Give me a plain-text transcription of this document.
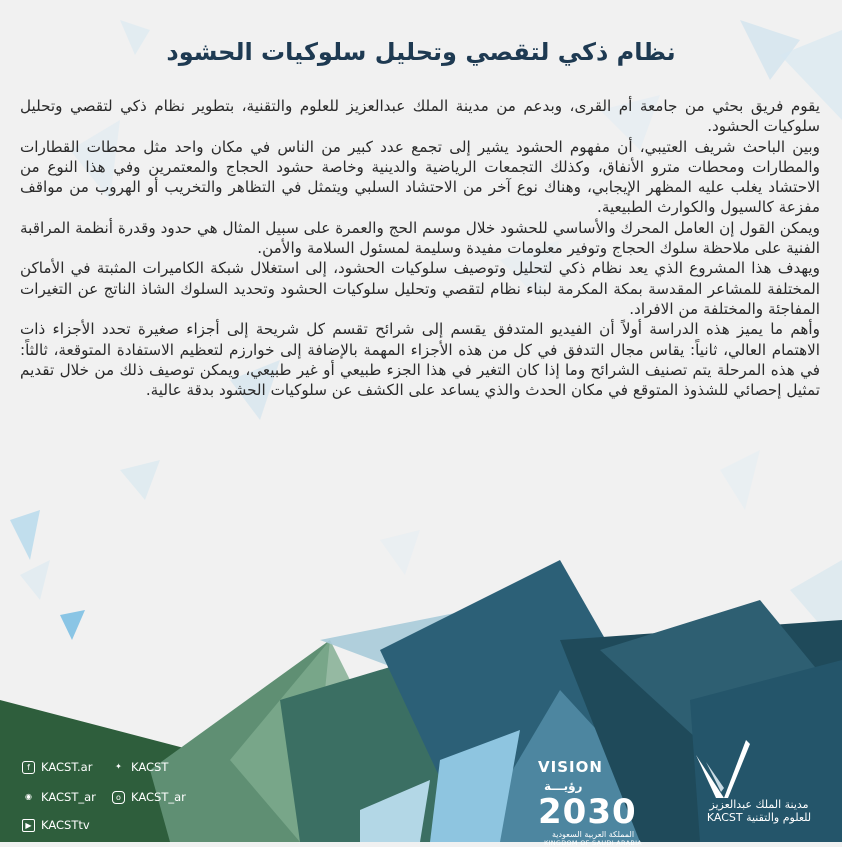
نظام ذكي لتقصي وتحليل سلوكيات الحشود

يقوم فريق بحثي من جامعة أم القرى، وبدعم من مدينة الملك عبدالعزيز للعلوم والتقنية، بتطوير نظام ذكي لتقصي وتحليل سلوكيات الحشود.

وبين الباحث شريف العتيبي، أن مفهوم الحشود يشير إلى تجمع عدد كبير من الناس في مكان واحد مثل محطات القطارات والمطارات ومحطات مترو الأنفاق، وكذلك التجمعات الرياضية والدينية وخاصة حشود الحجاج والمعتمرين وفي هذا النوع من الاحتشاد يغلب عليه المظهر الإيجابي، وهناك نوع آخر من الاحتشاد السلبي ويتمثل في التظاهر والتخريب أو الهروب من مواقف مفزعة كالسيول والكوارث الطبيعية.

ويمكن القول إن العامل المحرك والأساسي للحشود خلال موسم الحج والعمرة على سبيل المثال هي حدود وقدرة أنظمة المراقبة الفنية على ملاحظة سلوك الحجاج وتوفير معلومات مفيدة وسليمة لمسئول السلامة والأمن.

ويهدف هذا المشروع الذي يعد نظام ذكي لتحليل وتوصيف سلوكيات الحشود، إلى استغلال شبكة الكاميرات المثبتة في الأماكن المختلفة للمشاعر المقدسة بمكة المكرمة لبناء نظام لتقصي وتحليل سلوكيات الحشود وتحديد السلوك الشاذ الناتج عن التغيرات المفاجئة والمختلفة من الافراد.

وأهم ما يميز هذه الدراسة أولاً أن الفيديو المتدفق يقسم إلى شرائح تقسم كل شريحة إلى أجزاء صغيرة تحدد الأجزاء ذات الاهتمام العالي، ثانياً: يقاس مجال التدفق في كل من هذه الأجزاء المهمة بالإضافة إلى خوارزم لتعظيم الاستفادة المتوقعة، ثالثاً: في هذه المرحلة يتم تصنيف الشرائح وما إذا كان التغير في هذا الجزء طبيعي أو غير طبيعي، ويمكن توصيف ذلك من خلال تقديم تمثيل إحصائي للشذوذ المتوقع في مكان الحدث والذي يساعد على الكشف عن سلوكيات الحشود بدقة عالية.

f KACST.ar	✦ KACST
◉ KACST_ar	o KACST_ar
▶ KACSTtv
VISION رؤيـــة
2030
المملكة العربية السعودية
KINGDOM OF SAUDI ARABIA
مدينة الملك عبدالعزيز
للعلوم والتقنية KACST
